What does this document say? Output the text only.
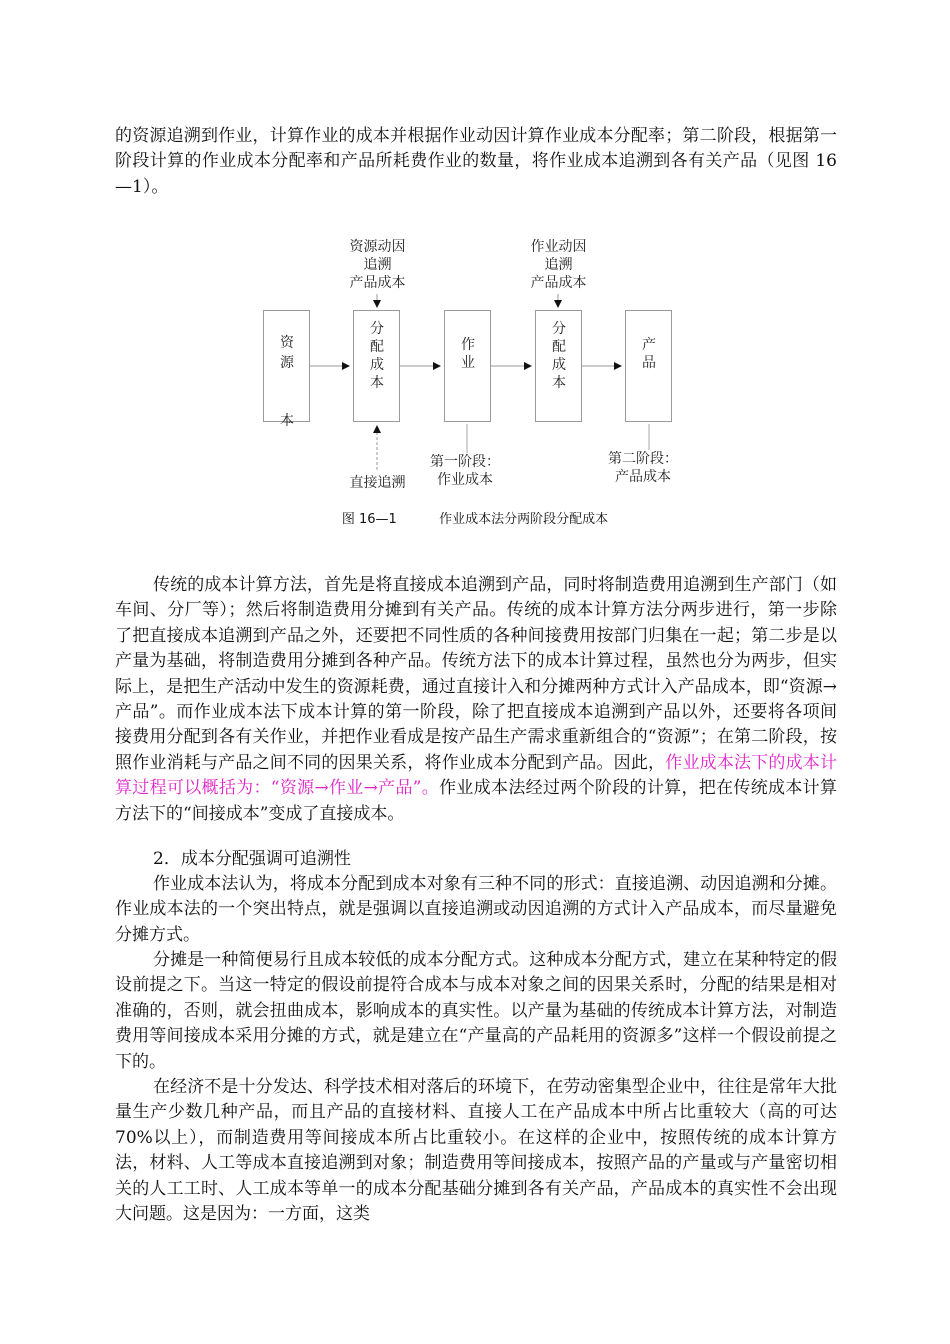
的资源追溯到作业，计算作业的成本并根据作业动因计算作业成本分配率；第二阶段，根据第一阶段计算的作业成本分配率和产品所耗费作业的数量，将作业成本追溯到各有关产品（见图 16—1）。

资源动因
追溯
产品成本
作业动因
追溯
产品成本
资
源
本
分
配
成
本
作
业
分
配
成
本
产
品
直接追溯
第一阶段：
作业成本
第二阶段：
产品成本
图 16—1	作业成本法分两阶段分配成本

传统的成本计算方法，首先是将直接成本追溯到产品，同时将制造费用追溯到生产部门（如车间、分厂等）；然后将制造费用分摊到有关产品。传统的成本计算方法分两步进行，第一步除了把直接成本追溯到产品之外，还要把不同性质的各种间接费用按部门归集在一起；第二步是以产量为基础，将制造费用分摊到各种产品。传统方法下的成本计算过程，虽然也分为两步，但实际上，是把生产活动中发生的资源耗费，通过直接计入和分摊两种方式计入产品成本，即“资源→产品”。而作业成本法下成本计算的第一阶段，除了把直接成本追溯到产品以外，还要将各项间接费用分配到各有关作业，并把作业看成是按产品生产需求重新组合的“资源”；在第二阶段，按照作业消耗与产品之间不同的因果关系，将作业成本分配到产品。因此，作业成本法下的成本计算过程可以概括为：“资源→作业→产品”。作业成本法经过两个阶段的计算，把在传统成本计算方法下的“间接成本”变成了直接成本。

2．成本分配强调可追溯性

作业成本法认为，将成本分配到成本对象有三种不同的形式：直接追溯、动因追溯和分摊。作业成本法的一个突出特点，就是强调以直接追溯或动因追溯的方式计入产品成本，而尽量避免分摊方式。

分摊是一种简便易行且成本较低的成本分配方式。这种成本分配方式，建立在某种特定的假设前提之下。当这一特定的假设前提符合成本与成本对象之间的因果关系时，分配的结果是相对准确的，否则，就会扭曲成本，影响成本的真实性。以产量为基础的传统成本计算方法，对制造费用等间接成本采用分摊的方式，就是建立在“产量高的产品耗用的资源多”这样一个假设前提之下的。

在经济不是十分发达、科学技术相对落后的环境下，在劳动密集型企业中，往往是常年大批量生产少数几种产品，而且产品的直接材料、直接人工在产品成本中所占比重较大（高的可达 70%以上），而制造费用等间接成本所占比重较小。在这样的企业中，按照传统的成本计算方法，材料、人工等成本直接追溯到对象；制造费用等间接成本，按照产品的产量或与产量密切相关的人工工时、人工成本等单一的成本分配基础分摊到各有关产品，产品成本的真实性不会出现大问题。这是因为：一方面，这类
